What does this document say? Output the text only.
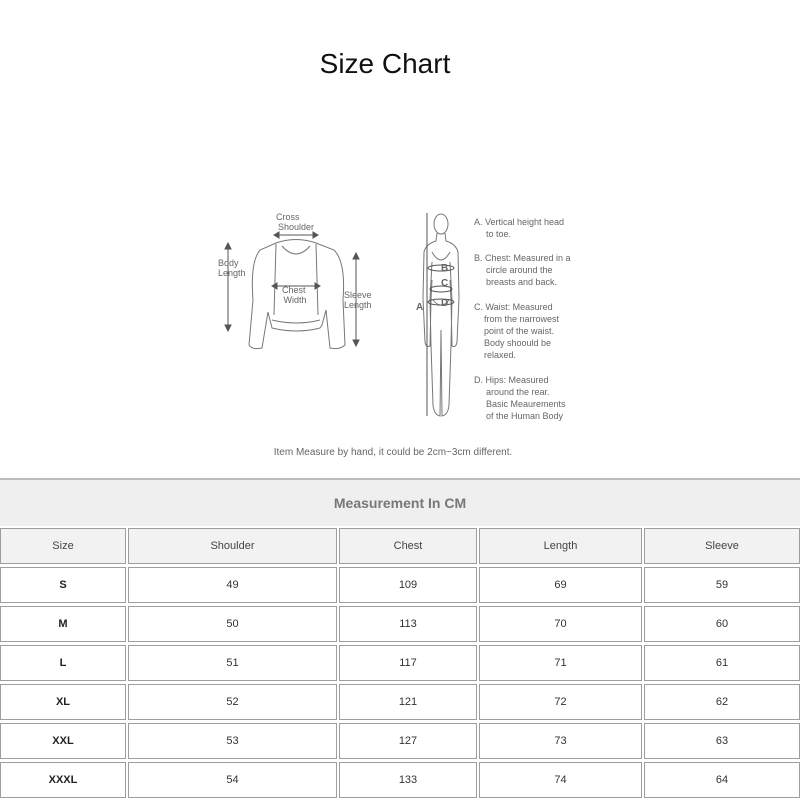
Size Chart
Cross Shoulder
Body Length
Chest Width	Sleeve Length	A
B
C
D
A. Vertical height head to toe.
B. Chest: Measured in a circle around the breasts and back.
C. Waist: Measured from the narrowest point of the waist. Body shoould be relaxed.
D. Hips: Measured around the rear. Basic Meaurements of the Human Body
Item Measure by hand, it could be 2cm~3cm different.
Measurement In CM
Size	Shoulder	Chest	Length	Sleeve
S	49	109	69	59
M	50	113	70	60
L	51	117	71	61
XL	52	121	72	62
XXL	53	127	73	63
XXXL	54	133	74	64
